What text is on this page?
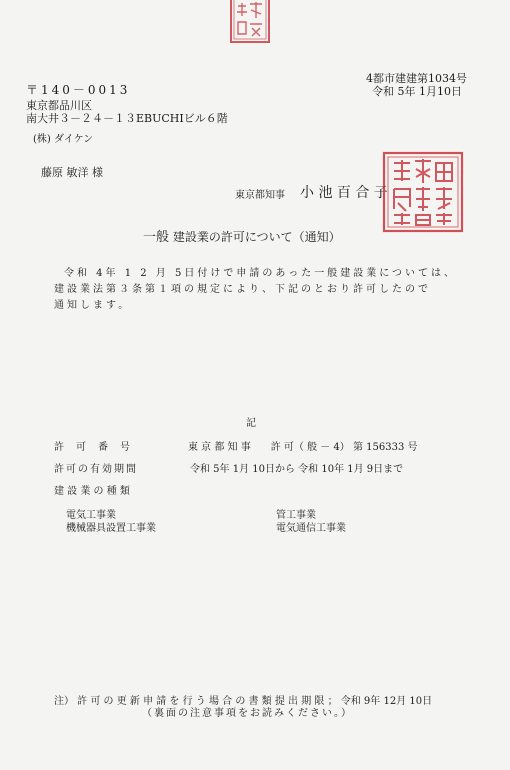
4都市建建第1034号
令和 5年 1月10日
〒140－0013
東京都品川区
南大井３－２４－１３EBUCHIビル６階
(株) ダイケン
藤原 敏洋 様
東京都知事 小 池 百 合 子
一般 建設業の許可について（通知）
令和 4年 1 2 月 5日付けで申請のあった一般建設業については、
建設業法第３条第１項の規定により、下記のとおり許可したので
通知します。
記
許　可　番　号	東 京 都 知 事　　許 可（ 般 － 4） 第 156333 号
許可の有効期間	令和 5年 1月 10日から 令和 10年 1月 9日まで
建 設 業 の 種 類
電気工事業	管工事業
機械器具設置工事業	電気通信工事業
注） 許 可 の 更 新 申 請 を 行 う 場 合 の 書 類 提 出 期 限 ； 令和 9年 12月 10日
（裏面の注意事項をお読みください。）
